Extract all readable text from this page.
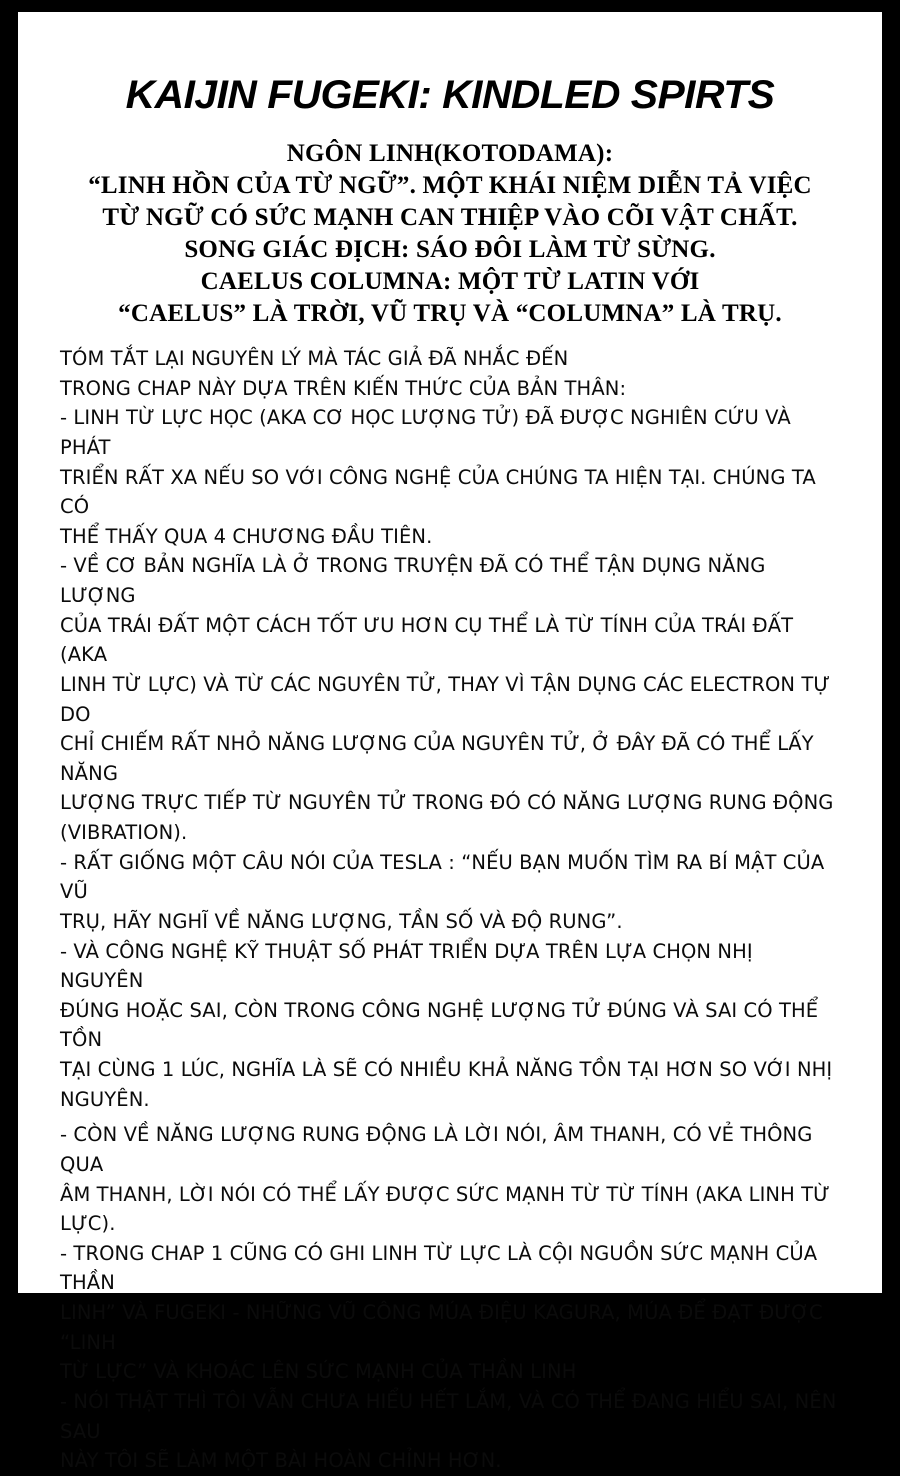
KAIJIN FUGEKI: KINDLED SPIRTS
NGÔN LINH(KOTODAMA):
“LINH HỒN CỦA TỪ NGỮ”. MỘT KHÁI NIỆM DIỄN TẢ VIỆC
TỪ NGỮ CÓ SỨC MẠNH CAN THIỆP VÀO CÕI VẬT CHẤT.
SONG GIÁC ĐỊCH: SÁO ĐÔI LÀM TỪ SỪNG.
CAELUS COLUMNA: MỘT TỪ LATIN VỚI
“CAELUS” LÀ TRỜI, VŨ TRỤ VÀ “COLUMNA” LÀ TRỤ.

TÓM TẮT LẠI NGUYÊN LÝ MÀ TÁC GIẢ ĐÃ NHẮC ĐẾN
TRONG CHAP NÀY DỰA TRÊN KIẾN THỨC CỦA BẢN THÂN:

- LINH TỪ LỰC HỌC (AKA CƠ HỌC LƯỢNG TỬ) ĐÃ ĐƯỢC NGHIÊN CỨU VÀ PHÁT
TRIỂN RẤT XA NẾU SO VỚI CÔNG NGHỆ CỦA CHÚNG TA HIỆN TẠI. CHÚNG TA CÓ
THỂ THẤY QUA 4 CHƯƠNG ĐẦU TIÊN.

- VỀ CƠ BẢN NGHĨA LÀ Ở TRONG TRUYỆN ĐÃ CÓ THỂ TẬN DỤNG NĂNG LƯỢNG
CỦA TRÁI ĐẤT MỘT CÁCH TỐT ƯU HƠN CỤ THỂ LÀ TỪ TÍNH CỦA TRÁI ĐẤT (AKA
LINH TỪ LỰC) VÀ TỪ CÁC NGUYÊN TỬ, THAY VÌ TẬN DỤNG CÁC ELECTRON TỰ DO
CHỈ CHIẾM RẤT NHỎ NĂNG LƯỢNG CỦA NGUYÊN TỬ, Ở ĐÂY ĐÃ CÓ THỂ LẤY NĂNG
LƯỢNG TRỰC TIẾP TỪ NGUYÊN TỬ TRONG ĐÓ CÓ NĂNG LƯỢNG RUNG ĐỘNG
(VIBRATION).

- RẤT GIỐNG MỘT CÂU NÓI CỦA TESLA : “NẾU BẠN MUỐN TÌM RA BÍ MẬT CỦA VŨ
TRỤ, HÃY NGHĨ VỀ NĂNG LƯỢNG, TẦN SỐ VÀ ĐỘ RUNG”.

- VÀ CÔNG NGHỆ KỸ THUẬT SỐ PHÁT TRIỂN DỰA TRÊN LỰA CHỌN NHỊ NGUYÊN
ĐÚNG HOẶC SAI, CÒN TRONG CÔNG NGHỆ LƯỢNG TỬ ĐÚNG VÀ SAI CÓ THỂ TỒN
TẠI CÙNG 1 LÚC, NGHĨA LÀ SẼ CÓ NHIỀU KHẢ NĂNG TỒN TẠI HƠN SO VỚI NHỊ
NGUYÊN.

- CÒN VỀ NĂNG LƯỢNG RUNG ĐỘNG LÀ LỜI NÓI, ÂM THANH, CÓ VẺ THÔNG QUA
ÂM THANH, LỜI NÓI CÓ THỂ LẤY ĐƯỢC SỨC MẠNH TỪ TỪ TÍNH (AKA LINH TỪ LỰC).

- TRONG CHAP 1 CŨNG CÓ GHI LINH TỪ LỰC LÀ CỘI NGUỒN SỨC MẠNH CỦA THẦN
LINH” VÀ FUGEKI - NHỮNG VŨ CÔNG MÚA ĐIỆU KAGURA, MÚA ĐỂ ĐẠT ĐƯỢC “LINH
TỪ LỰC” VÀ KHOÁC LÊN SỨC MẠNH CỦA THẦN LINH

- NÓI THẬT THÌ TÔI VẪN CHƯA HIỂU HẾT LẮM, VÀ CÓ THỂ ĐANG HIỂU SAI, NÊN SAU
NÀY TÔI SẼ LÀM MỘT BÀI HOÀN CHỈNH HƠN.
